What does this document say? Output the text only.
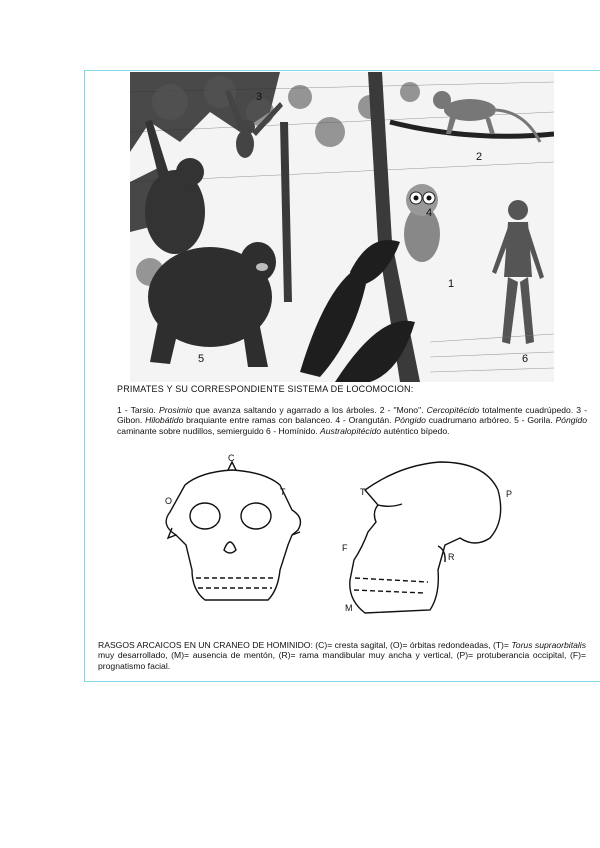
3
2
4
1
5	6
PRIMATES Y SU CORRESPONDIENTE SISTEMA DE LOCOMOCION:
1 - Tarsio. Prosimio que avanza saltando y agarrado a los árboles. 2 - "Mono". Cercopitécido totalmente cuadrúpedo. 3 - Gibon. Hilobátido braquiante entre ramas con balanceo. 4 - Orangután. Póngido cuadrumano arbóreo. 5 - Gorila. Póngido caminante sobre nudillos, semierguido 6 - Homínido. Australopitécido auténtico bípedo.
C
O
T	T	P
F
R
M
RASGOS ARCAICOS EN UN CRANEO DE HOMINIDO: (C)= cresta sagital, (O)= órbitas redondeadas, (T)= Torus supraorbitalis muy desarrollado, (M)= ausencia de mentón, (R)= rama mandibular muy ancha y vertical, (P)= protuberancia occipital, (F)= prognatismo facial.
